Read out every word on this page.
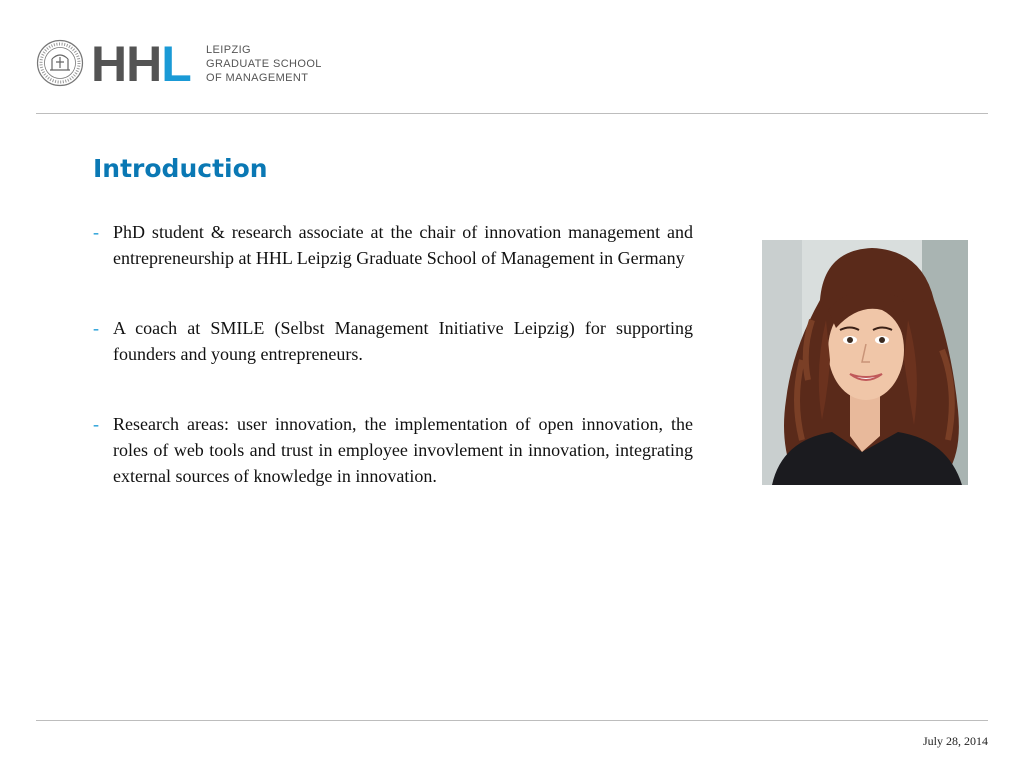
HHL LEIPZIG
GRADUATE SCHOOL
OF MANAGEMENT
Introduction
- PhD student & research associate at the chair of innovation management and entrepreneurship at HHL Leipzig Graduate School of Management in Germany
- A coach at SMILE (Selbst Management Initiative Leipzig) for supporting founders and young entrepreneurs.
- Research areas: user innovation, the implementation of open innovation, the roles of web tools and trust in employee invovlement in innovation, integrating external sources of knowledge in innovation.
July 28, 2014
